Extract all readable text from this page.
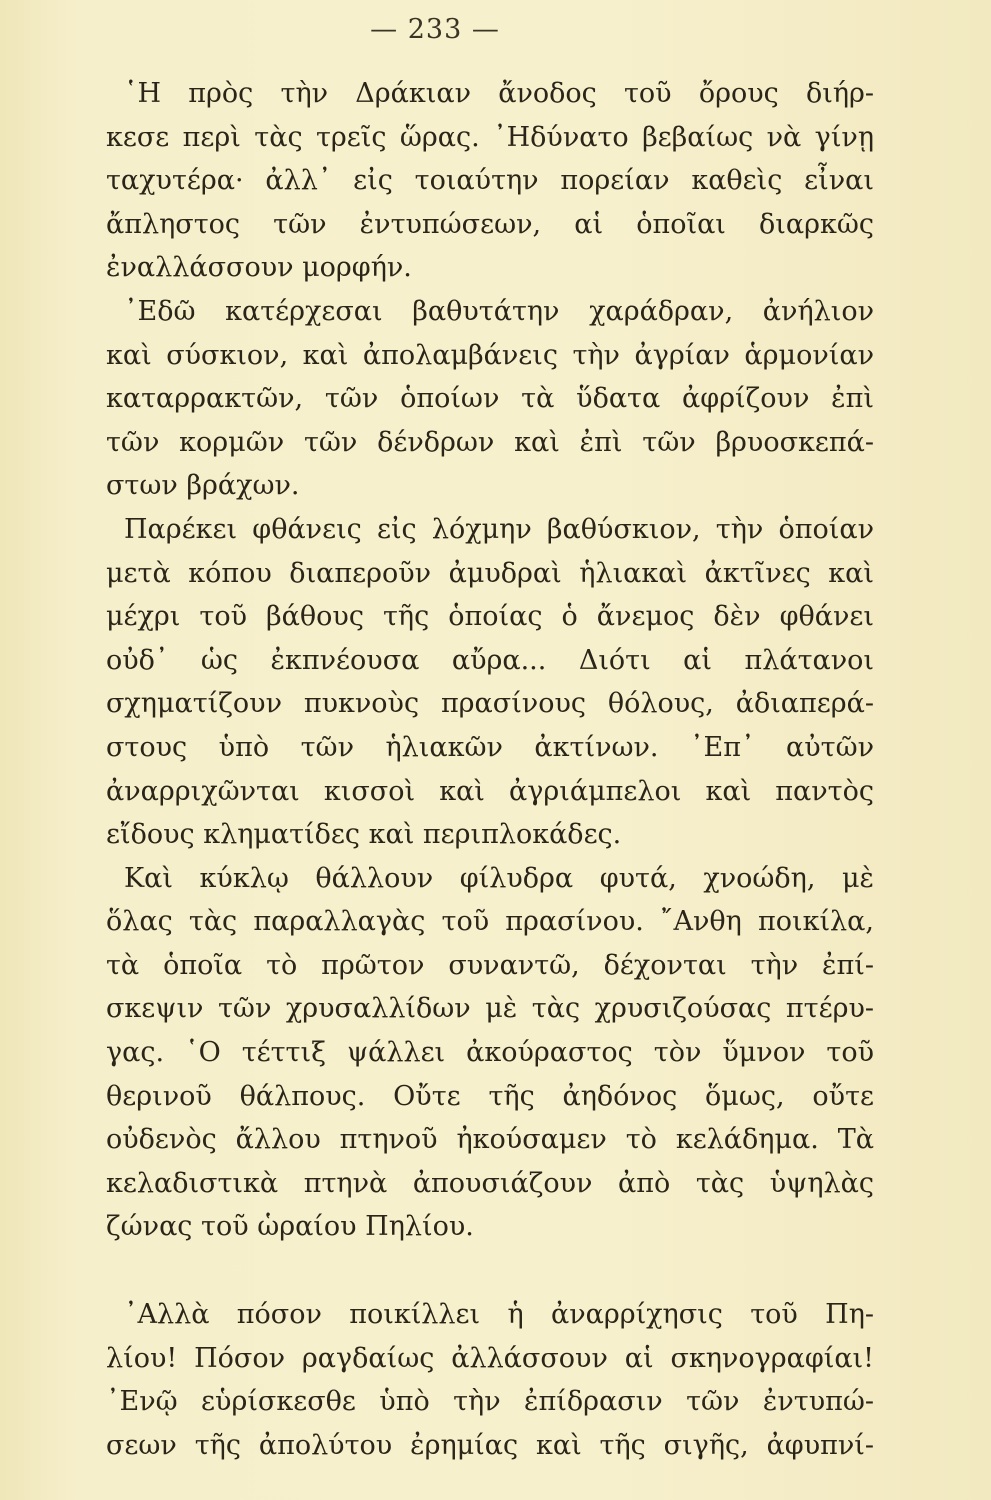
— 233 —

῾Η πρὸς τὴν Δράκιαν ἄνοδος τοῦ ὄρους διήρ-
κεσε περὶ τὰς τρεῖς ὥρας. ᾽Ηδύνατο βεβαίως νὰ γίνῃ
ταχυτέρα· ἀλλ᾽ εἰς τοιαύτην πορείαν καθεὶς εἶναι
ἄπληστος τῶν ἐντυπώσεων, αἱ ὁποῖαι διαρκῶς
ἐναλλάσσουν μορφήν.

᾽Εδῶ κατέρχεσαι βαθυτάτην χαράδραν, ἀνήλιον
καὶ σύσκιον, καὶ ἀπολαμβάνεις τὴν ἀγρίαν ἁρμονίαν
καταρρακτῶν, τῶν ὁποίων τὰ ὕδατα ἀφρίζουν ἐπὶ
τῶν κορμῶν τῶν δένδρων καὶ ἐπὶ τῶν βρυοσκεπά-
στων βράχων.

Παρέκει φθάνεις εἰς λόχμην βαθύσκιον, τὴν ὁποίαν
μετὰ κόπου διαπεροῦν ἀμυδραὶ ἡλιακαὶ ἀκτῖνες καὶ
μέχρι τοῦ βάθους τῆς ὁποίας ὁ ἄνεμος δὲν φθάνει
οὐδ᾽ ὡς ἐκπνέουσα αὔρα... Διότι αἱ πλάτανοι
σχηματίζουν πυκνοὺς πρασίνους θόλους, ἀδιαπερά-
στους ὑπὸ τῶν ἡλιακῶν ἀκτίνων. ᾽Επ᾽ αὐτῶν
ἀναρριχῶνται κισσοὶ καὶ ἀγριάμπελοι καὶ παντὸς
εἴδους κληματίδες καὶ περιπλοκάδες.

Καὶ κύκλῳ θάλλουν φίλυδρα φυτά, χνοώδη, μὲ
ὅλας τὰς παραλλαγὰς τοῦ πρασίνου. ῎Ανθη ποικίλα,
τὰ ὁποῖα τὸ πρῶτον συναντῶ, δέχονται τὴν ἐπί-
σκεψιν τῶν χρυσαλλίδων μὲ τὰς χρυσιζούσας πτέρυ-
γας. ῾Ο τέττιξ ψάλλει ἀκούραστος τὸν ὕμνον τοῦ
θερινοῦ θάλπους. Οὔτε τῆς ἀηδόνος ὅμως, οὔτε
οὐδενὸς ἄλλου πτηνοῦ ἠκούσαμεν τὸ κελάδημα. Τὰ
κελαδιστικὰ πτηνὰ ἀπουσιάζουν ἀπὸ τὰς ὑψηλὰς
ζώνας τοῦ ὡραίου Πηλίου.

᾽Αλλὰ πόσον ποικίλλει ἡ ἀναρρίχησις τοῦ Πη-
λίου! Πόσον ραγδαίως ἀλλάσσουν αἱ σκηνογραφίαι!
᾽Ενῷ εὑρίσκεσθε ὑπὸ τὴν ἐπίδρασιν τῶν ἐντυπώ-
σεων τῆς ἀπολύτου ἐρημίας καὶ τῆς σιγῆς, ἀφυπνί-
